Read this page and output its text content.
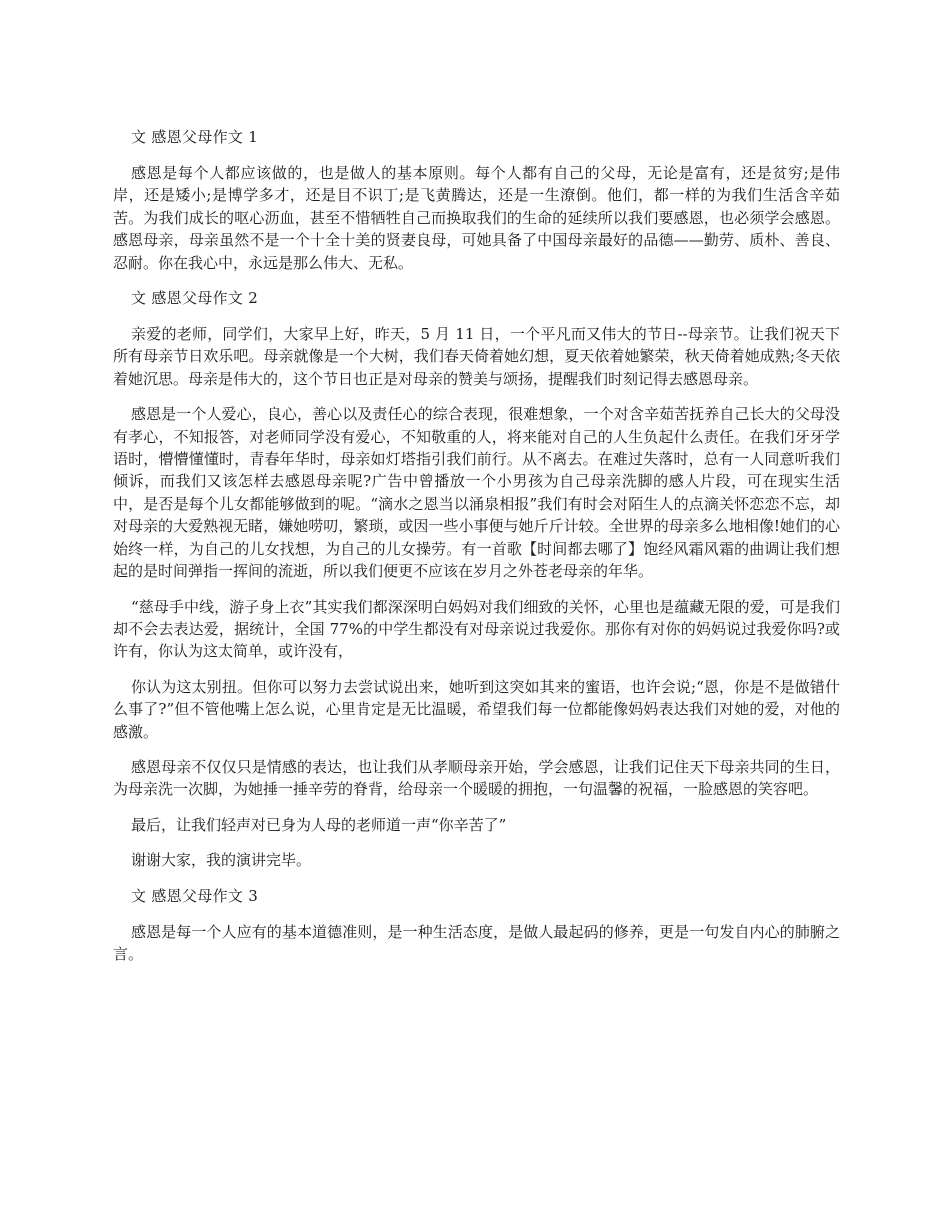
文 感恩父母作文 1

感恩是每个人都应该做的，也是做人的基本原则。每个人都有自己的父母，无论是富有，还是贫穷;是伟岸，还是矮小;是博学多才，还是目不识丁;是飞黄腾达，还是一生潦倒。他们，都一样的为我们生活含辛茹苦。为我们成长的呕心沥血，甚至不惜牺牲自己而换取我们的生命的延续所以我们要感恩，也必须学会感恩。感恩母亲，母亲虽然不是一个十全十美的贤妻良母，可她具备了中国母亲最好的品德——勤劳、质朴、善良、忍耐。你在我心中，永远是那么伟大、无私。

文 感恩父母作文 2

亲爱的老师，同学们，大家早上好，昨天，5 月 11 日，一个平凡而又伟大的节日--母亲节。让我们祝天下所有母亲节日欢乐吧。母亲就像是一个大树，我们春天倚着她幻想，夏天依着她繁荣，秋天倚着她成熟;冬天依着她沉思。母亲是伟大的，这个节日也正是对母亲的赞美与颂扬，提醒我们时刻记得去感恩母亲。

感恩是一个人爱心，良心，善心以及责任心的综合表现，很难想象，一个对含辛茹苦抚养自己长大的父母没有孝心，不知报答，对老师同学没有爱心，不知敬重的人，将来能对自己的人生负起什么责任。在我们牙牙学语时，懵懵懂懂时，青春年华时，母亲如灯塔指引我们前行。从不离去。在难过失落时，总有一人同意听我们倾诉，而我们又该怎样去感恩母亲呢?广告中曾播放一个小男孩为自己母亲洗脚的感人片段，可在现实生活中，是否是每个儿女都能够做到的呢。“滴水之恩当以涌泉相报”我们有时会对陌生人的点滴关怀恋恋不忘，却对母亲的大爱熟视无睹，嫌她唠叨，繁琐，或因一些小事便与她斤斤计较。全世界的母亲多么地相像!她们的心始终一样，为自己的儿女找想，为自己的儿女操劳。有一首歌【时间都去哪了】饱经风霜风霜的曲调让我们想起的是时间弹指一挥间的流逝，所以我们便更不应该在岁月之外苍老母亲的年华。

“慈母手中线，游子身上衣”其实我们都深深明白妈妈对我们细致的关怀，心里也是蕴藏无限的爱，可是我们却不会去表达爱，据统计，全国 77%的中学生都没有对母亲说过我爱你。那你有对你的妈妈说过我爱你吗?或许有，你认为这太简单，或许没有，

你认为这太别扭。但你可以努力去尝试说出来，她听到这突如其来的蜜语，也许会说;“恩，你是不是做错什么事了?”但不管他嘴上怎么说，心里肯定是无比温暖，希望我们每一位都能像妈妈表达我们对她的爱，对他的感激。

感恩母亲不仅仅只是情感的表达，也让我们从孝顺母亲开始，学会感恩，让我们记住天下母亲共同的生日，为母亲洗一次脚，为她捶一捶辛劳的脊背，给母亲一个暖暖的拥抱，一句温馨的祝福，一脸感恩的笑容吧。

最后，让我们轻声对已身为人母的老师道一声“你辛苦了”

谢谢大家，我的演讲完毕。

文 感恩父母作文 3

感恩是每一个人应有的基本道德准则，是一种生活态度，是做人最起码的修养，更是一句发自内心的肺腑之言。
